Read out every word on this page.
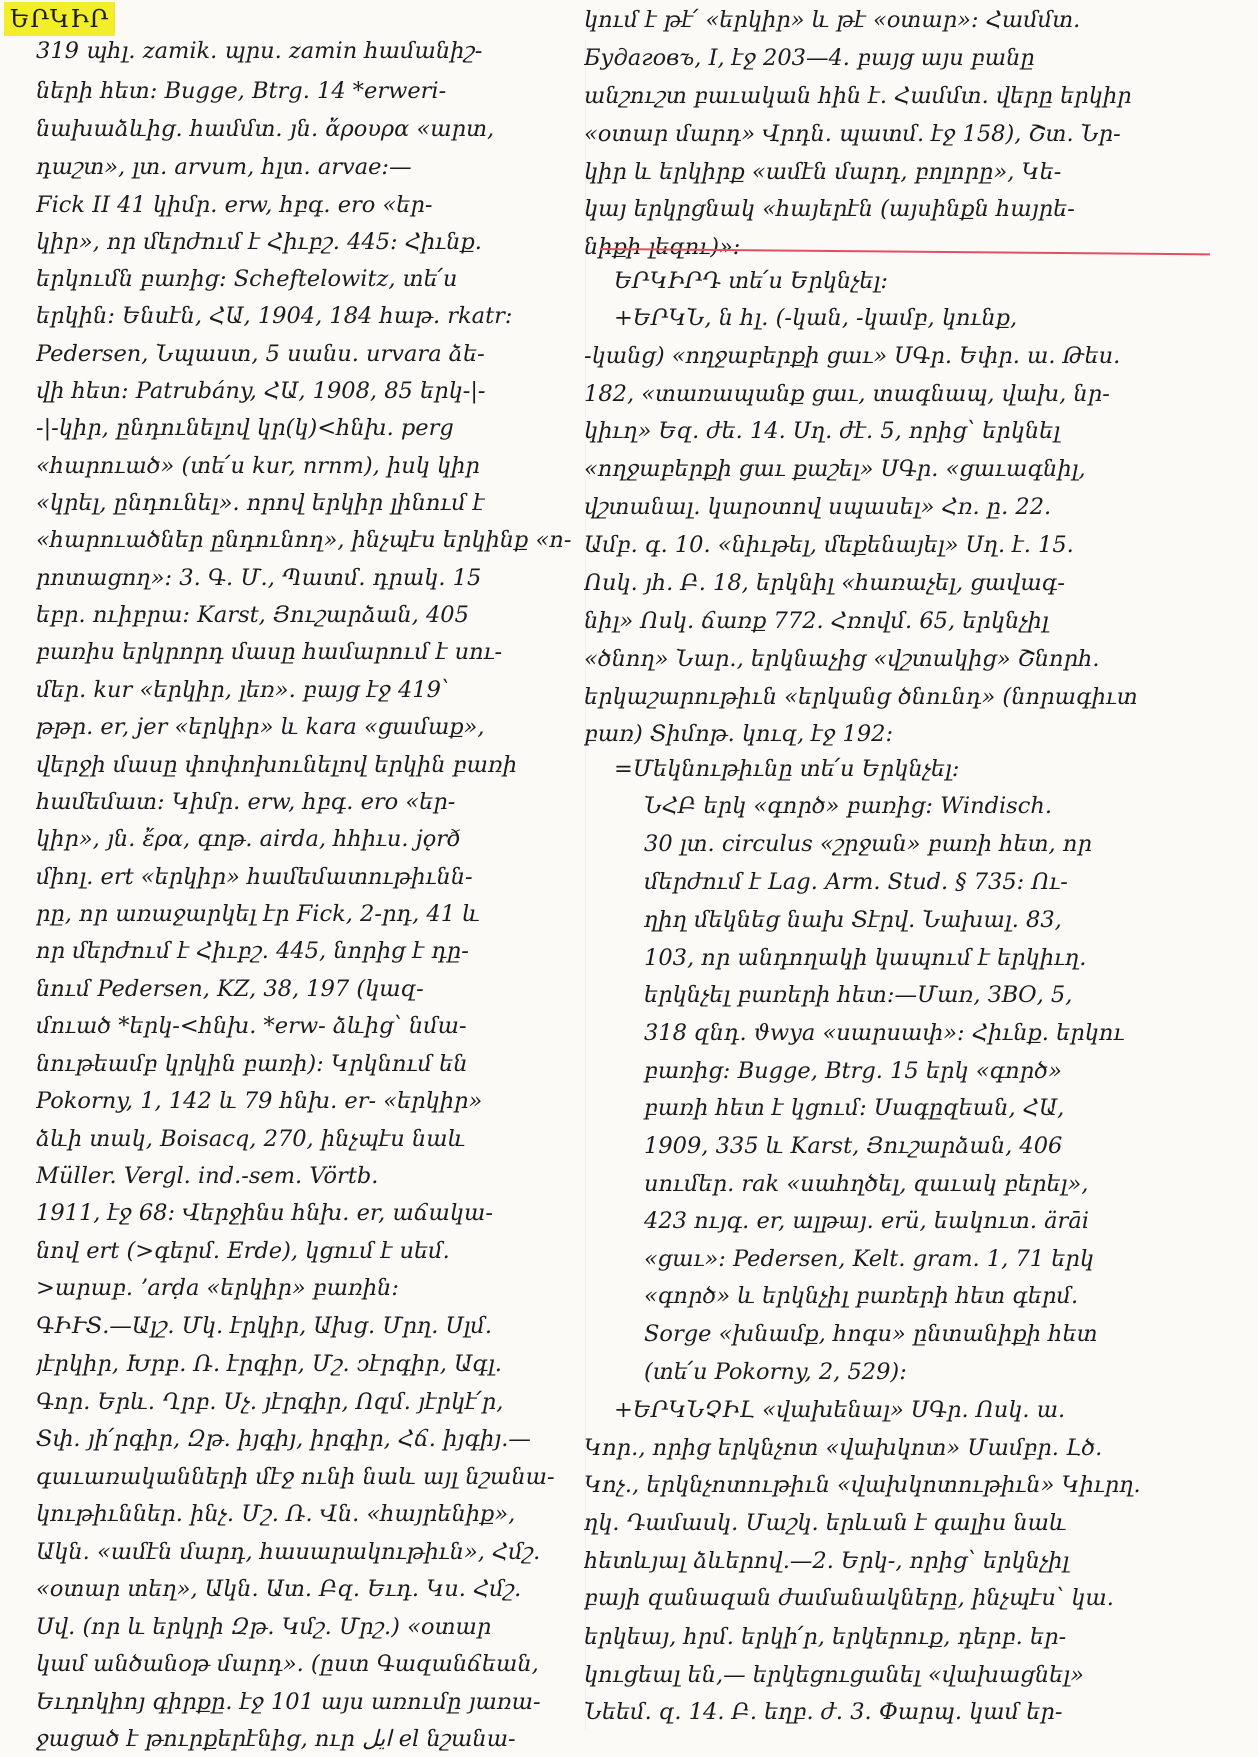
ԵՐԿԻՐ
319 պհլ. zamik. պրս. zamin համանիշ-
ների հետ։ Bugge, Btrg. 14 *erweri-
նախաձևից. համմտ. յն. ἄρουρα «արտ,
դաշտ», լտ. arvum, հլտ. arvae։—
Fick II 41 կիմր. erw, հբգ. ero «եր-
կիր», որ մերժում է Հիւբշ. 445։ Հիւնք.
երկումն բառից։ Scheftelowitz, տե՛ս
երկին։ Ենսէն, ՀԱ, 1904, 184 հաթ. rkatr։
Pedersen, Նպաստ, 5 սանս. urvara ձե-
վի հետ։ Patrubány, ՀԱ, 1908, 85 երկ-|-
-|-կիր, ընդունելով կր(կ)<հնխ. perg
«հարուած» (տե՛ս kur, nrnm), իսկ կիր
«կրել, ընդունել». որով երկիր լինում է
«հարուածներ ընդունող», ինչպէս երկինք «ո-
րոտացող»։ 3. Գ. Մ., Պատմ. դրակ. 15
եբր. ուիբրա։ Karst, Յուշարձան, 405
բառիս երկրորդ մասը համարում է սու-
մեր. kur «երկիր, լեռ». բայց էջ 419՝
թթր. er, jer «երկիր» և kara «ցամաք»,
վերջի մասը փոփոխունելով երկին բառի
համեմատ։ Կիմր. erw, հբգ. ero «եր-
կիր», յն. ἔρα, գոթ. airda, հհիւս. jǫrð
միոլ. ert «երկիր» համեմատութիւնն-
րը, որ առաջարկել էր Fick, 2-րդ, 41 և
որ մերժում է Հիւբշ. 445, նորից է դը-
նում Pedersen, KZ, 38, 197 (կազ-
մուած *երկ-<հնխ. *erw- ձևից՝ նմա-
նութեամբ կրկին բառի)։ Կրկնում են
Pokorny, 1, 142 և 79 հնխ. er- «երկիր»
ձևի տակ, Boisacq, 270, ինչպէս նաև
Müller. Vergl. ind.-sem. Vörtb.
1911, էջ 68։ Վերջինս հնխ. er, աճակա-
նով ert (>գերմ. Erde), կցում է սեմ.
>արաբ. ʼarḍa «երկիր» բառին։
ԳԻՒՏ.—Ալշ. Մկ. էրկիր, Ախց. Մրղ. Սլմ.
յէրկիր, Խրբ. Ռ. էրգիր, Մշ. ͻէրգիր, Ագլ.
Գոր. Երև. Ղրբ. Սչ. յէրգիր, Ոզմ. յէրկէ՛ր,
Տփ. յի՛րգիր, Զթ. իյգիյ, իրգիր, Հճ. իյգիյ.—
գաւառականների մէջ ունի նաև այլ նշանա-
կութիւններ. ինչ. Մշ. Ռ. Վն. «հայրենիք»,
Ակն. «ամէն մարդ, հասարակութիւն», Հմշ.
«օտար տեղ», Ակն. Ատ. Բզ. Եւդ. Կս. Հմշ.
Սվ. (որ և երկրի Զթ. Կմշ. Մրշ.) «օտար
կամ անծանօթ մարդ». (ըստ Գազանճեան,
Եւդոկիոյ գիրքը. էջ 101 այս առումը յառա-
ջացած է թուրքերէնից, ուր ايل el նշանա-
կում է թէ՛ «երկիր» և թէ «օտար»։ Համմտ.
Будаговъ, I, էջ 203—4. բայց այս բանը
անշուշտ բաւական հին է. Համմտ. վերը երկիր
«օտար մարդ» Վրդն. պատմ. էջ 158), Շտ. Նր-
կիր և երկիրք «ամէն մարդ, բոլորը», Կե-
կայ երկրցնակ «հայերէն (այսինքն հայրե-
նիքի լեզու)»։
ԵՐԿԻՐԴ տե՛ս Երկնչել։
+ԵՐԿՆ, ն հլ. (-կան, -կամբ, կունք,
-կանց) «ողջաբերքի ցաւ» ՍԳր. Եփր. ա. Թես.
182, «տառապանք ցաւ, տագնապ, վախ, նր-
կիւղ» Եզ. ժե. 14. Սղ. ժէ. 5, որից՝ երկնել
«ողջաբերքի ցաւ քաշել» ՍԳր. «ցաւագնիլ,
վշտանալ. կարօտով սպասել» Հռ. ը. 22.
Ամբ. գ. 10. «նիւթել, մեքենայել» Սղ. է. 15.
Ոսկ. յհ. Բ. 18, երկնիլ «հառաչել, ցավագ-
նիլ» Ոսկ. ճառք 772. Հռովմ. 65, երկնչիլ
«ծնող» Նար., երկնաչից «վշտակից» Շնորհ.
երկաշարութիւն «երկանց ծնունդ» (նորագիւտ
բառ) Տիմոթ. կուզ, էջ 192։
=Մեկնութիւնը տե՛ս Երկնչել։
ՆՀԲ երկ «գործ» բառից։ Windisch.
30 լտ. circulus «շրջան» բառի հետ, որ
մերժում է Lag. Arm. Stud. § 735։ Ու-
ղիղ մեկնեց նախ Տէրվ. Նախալ. 83,
103, որ անդողակի կապում է երկիւղ.
երկնչել բառերի հետ։—Մառ, ЗВО, 5,
318 զնդ. ϑwya «սարսափ»։ Հիւնք. երկու
բառից։ Bugge, Btrg. 15 երկ «գործ»
բառի հետ է կցում։ Սագըզեան, ՀԱ,
1909, 335 և Karst, Յուշարձան, 406
սումեր. rak «սահղծել, զաւակ բերել»,
423 ույգ. er, ալթայ. erü, եակուտ. ärāi
«ցաւ»։ Pedersen, Kelt. gram. 1, 71 երկ
«գործ» և երկնչիլ բառերի հետ գերմ.
Sorge «խնամք, հոգս» ընտանիքի հետ
(տե՛ս Pokorny, 2, 529)։
+ԵՐԿՆՉԻԼ «վախենալ» ՍԳր. Ոսկ. ա.
Կոր., որից երկնչոտ «վախկոտ» Մամբր. Լծ.
Կոչ., երկնչոտութիւն «վախկոտութիւն» Կիւրղ.
ղկ. Դամասկ. Մաշկ. երևան է գալիս նաև
հետևյալ ձևերով.—2. Երկ-, որից՝ երկնչիլ
բայի զանազան ժամանակները, ինչպէս՝ կա.
երկեայ, հրմ. երկի՛ր, երկերուք, դերբ. եր-
կուցեալ են,— երկեցուցանել «վախացնել»
Նեեմ. զ. 14. Բ. եղբ. ժ. 3. Փարպ. կամ եր-
